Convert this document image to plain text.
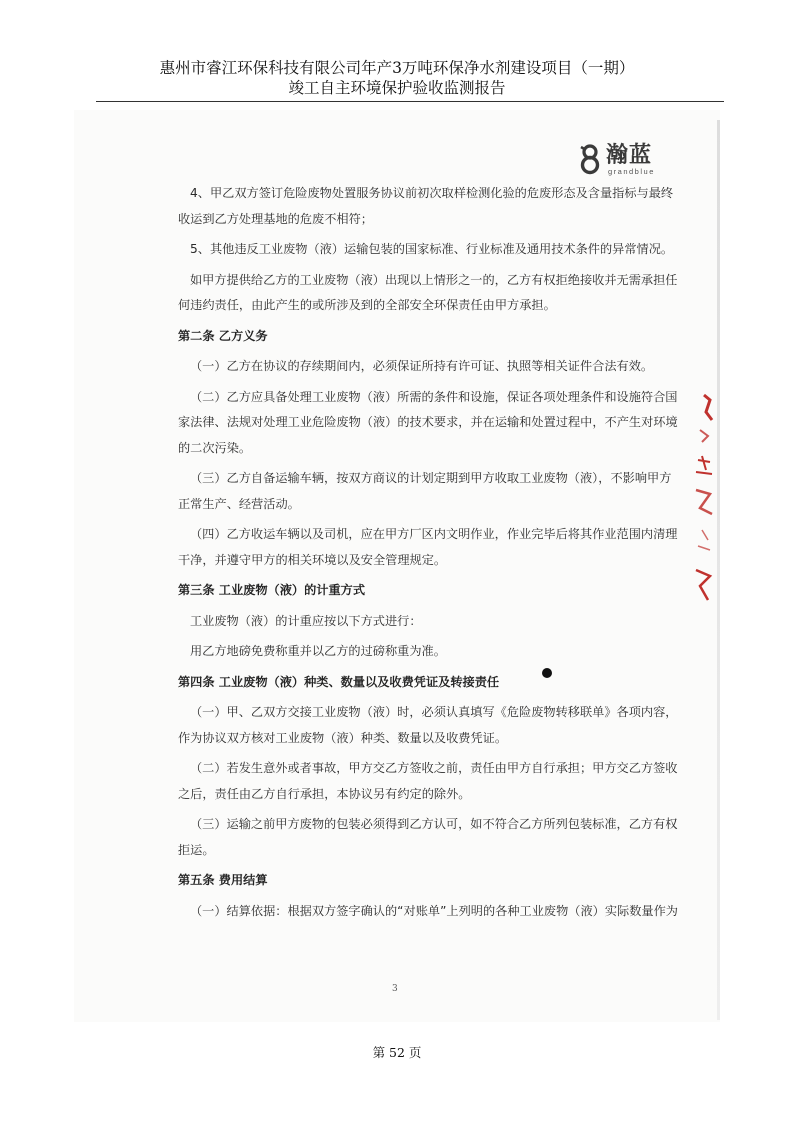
惠州市睿江环保科技有限公司年产3万吨环保净水剂建设项目（一期）
竣工自主环境保护验收监测报告
瀚蓝
grandblue

4、甲乙双方签订危险废物处置服务协议前初次取样检测化验的危废形态及含量指标与最终收运到乙方处理基地的危废不相符；

5、其他违反工业废物（液）运输包装的国家标准、行业标准及通用技术条件的异常情况。

如甲方提供给乙方的工业废物（液）出现以上情形之一的，乙方有权拒绝接收并无需承担任何违约责任，由此产生的或所涉及到的全部安全环保责任由甲方承担。

第二条 乙方义务

（一）乙方在协议的存续期间内，必须保证所持有许可证、执照等相关证件合法有效。

（二）乙方应具备处理工业废物（液）所需的条件和设施，保证各项处理条件和设施符合国家法律、法规对处理工业危险废物（液）的技术要求，并在运输和处置过程中，不产生对环境的二次污染。

（三）乙方自备运输车辆，按双方商议的计划定期到甲方收取工业废物（液），不影响甲方正常生产、经营活动。

（四）乙方收运车辆以及司机，应在甲方厂区内文明作业，作业完毕后将其作业范围内清理干净，并遵守甲方的相关环境以及安全管理规定。

第三条 工业废物（液）的计重方式

工业废物（液）的计重应按以下方式进行：

用乙方地磅免费称重并以乙方的过磅称重为准。

第四条 工业废物（液）种类、数量以及收费凭证及转接责任

（一）甲、乙双方交接工业废物（液）时，必须认真填写《危险废物转移联单》各项内容，作为协议双方核对工业废物（液）种类、数量以及收费凭证。

（二）若发生意外或者事故，甲方交乙方签收之前，责任由甲方自行承担；甲方交乙方签收之后，责任由乙方自行承担，本协议另有约定的除外。

（三）运输之前甲方废物的包装必须得到乙方认可，如不符合乙方所列包装标准，乙方有权拒运。

第五条 费用结算

（一）结算依据：根据双方签字确认的“对账单”上列明的各种工业废物（液）实际数量作为

3
第 52 页
